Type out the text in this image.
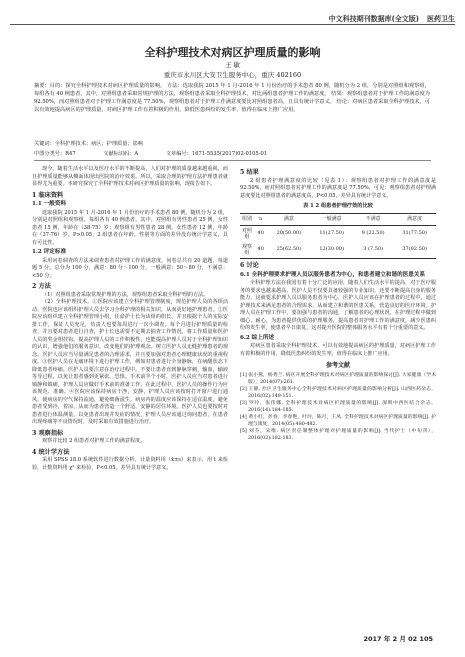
中文科技期刊数据库(全文版) 医药卫生
全科护理技术对病区护理质量的影响
王 敏
重庆市永川区大安卫生服务中心，重庆 402160
摘要：目的：探究全科护理技术对病区护理质量的影响。 方法：选取我院 2015 年 1 月-2016 年 1 月份治疗的手术患者 80 例，随机分为 2 组，分别是对照组和观察组，每组各有 40 例患者，其中，对照组患者采取常规护理的方法，观察组患者采取全科护理技术，对比两组患者护理工作的满意度。 结果：观察组患者对于护理工作的满意度为 92.50%，而对照组患者对于护理工作满意度是 77.50%，观察组患者对于护理工作满意度要比对照组患者高，且具有统计学意义。 结论：对病区患者采取全科护理技术，可以有效地提高病区的护理质量，对病区护理工作有着积极的作用，降低医患纠纷的发生率，值得在临床上推广应用。
关键词：全科护理技术；病区；护理质量；影响
中图分类号：R47	文献标识码：A	文章编号：1671-5535(2017)02-0105-01

现今，随着生活水平以及医疗水平的不断提高，人们对护理的质量越来越重视，而且护理质量能够从侧面体现出医院的治疗效果。所以，采取合理的护理方法护理患者就显得尤为重要。本研究探究了全科护理技术对病区护理质量的影响，现报告如下。

1 临床资料
1.1 一般资料

选取我院 2015 年 1 月-2016 年 1 月份治疗的手术患者 80 例，随机分为 2 组，分别是对照组和观察组，每组各有 40 例患者。其中，对照组有男性患者 25 例，女性患者 15 例，年龄在（38-75）岁；观察组有男性患者 28 例，女性患者 12 例，年龄在（37-76）岁。P>0.05，2 组患者在年龄、性别等方面的差异没有统计学意义，具有可比性。

1.2 评定标准

采用问卷调查的方法来调查患者对护理工作的满意度，问卷总共有 20 道题，每道题 5 分，总分为 100 分，满意：80 分～100 分，一般满意：50～80 分，不满意：<50 分。

2 方法

（1）对照组患者采取常规护理的方法，观察组患者采取全科护理的方法。

（2）全科护理技术。①医院应该建立全科护理管理制度，规范护理人员的各项活动，医院也应该组织护理人员去学习全科护理的相关知识，从而更好地护理患者。②医院应该组织建立全科护理管理小组，任命护士长为该组的组长，并且根据个人的实际安排工作，保证人员充足，负责人也要每周进行一次小调查，每个月进行护理质量的检查，并且要对患者进行自查，护士长也需要不定期去抽查工作情况，将工作质量和医护人员的奖金相挂钩。提高护理人员的工作积极性，也能提高护理人员对于全科护理知识的认识，增强他们的服务意识，改变他们的护理观念。树立医护人员无缝护理患者的观念。医护人员应当尽量满足患者的合理需求，并且要加强对患者心理健康状况的重视程度。③医护人员在无痛环境下进行护理工作，例如对患者进行全身静脉，在病醒状态下降低患者疼痛，医护人员要注意在治疗过程中，不要让患者直到静脉穿刺，输血，输液等导过程，以免让患者感到更紧张、恐惧。手术前半个小时，医护人员应当对患者进行镇静和镇痛，护理人员应做好手术前的准备工作，在此过程中，医护人员的操作行为应该规范、准确。④医院应该保持病房干净，安静，护理人员应该按时打开窗户进行通风，使病房的空气保持流通，避免细菌滋生。病房内的温度应该保持在适宜温度，避免患者受到冷，着凉，从而为患者营造一个舒适、安静的居住环境。医护人员也要按时对患者进行体温测量，以免患者出现并发症的情况，护理人员应该通过询问患者，在患者出现疼痛等不良情况时，及时采取有效措施进行治疗。

3 观察指标

观察并比较 2 组患者对护理工作的满意程度。

4 统计学方法

采用 SPSS 18.0 系统软件进行数据分析，计量资料用（x̄±s）来表示，用 t 来检验，计数资料用 χ² 来检验，P<0.05，差异具有统计学意义。

5 结果

2 组患者护理满意度的比较（见表 1）：观察组患者对护理工作的满意度是 92.50%，而对照组患者对护理工作的满意度是 77.50%，可见：观察组患者对护理满意度要比对照组患者的满意度高，P<0.05，差异具有统计学意义。

表 1 2 组患者护理疗效的比较
组别	n	满意	一般满意	不满意	满意度
对照组	40	20(50.00)	11(27.50)	9 (22.50)	31(77.50)
观察组	40	25(62.50)	12(30.00)	3 (7.50)	37(92.50)
6 讨论
6.1 全科护理要求护理人员以服务患者为中心，和患者建立和谐的医患关系

全科护理方法在我国有着十分广泛的应用，随着人们生活水平的提高，对于医疗服务的要求也越来越高，医护人员不仅要具备较强的专业知识，还要不断提高自身的服务能力，这就要求护理人员以服务患者为中心，医护人员应该在护理患者的过程中，通过护理技术来满足患者的合理需求，从而建立和谐的医患关系，营造良好的医疗环境。护理人员在护理工作中，要加强与患者的沟通，了解患者的心理状况，在护理过程中做到细心、耐心，为患者提供优质的护理服务，提高患者对护理工作的满意度，减少医患纠纷的发生率，使患者早日康复，这对提升医院的整体服务水平有着十分重要的意义。

6.2 综上所述

对病区患者采取全科护理技术，可以有效地提高病区的护理质量，对病区护理工作有着积极的作用，降低医患纠纷的发生率，值得在临床上推广应用。

参考文献
[1] 张小燕，杨秀兰. 病区开展全科护理技术对病区护理质量的影响探讨[J]. 大家健康（学术版），2014(07):261.
[2] 王静. 社区卫生服务中心全科护理技术对病区护理质量的影响分析[J]. 山西医药杂志，2016(02):149-151.
[3] 罗玲，张伟娜. 全科护理技术对病区护理质量的影响[J]. 深圳中西医结合杂志，2016(14):184-185.
[4] 黄小红，彭春，李春艳，叶玲，陈月，王凤. 全科护理技术对病区护理质量的影响[J]. 护理与康复，2014(05):480-482.
[5] 刘芬，宋维. 病区责任制整体护理对护理质量的影响[J]. 当代护士（中旬刊），2016(02):182-183.
2017 年 2 月 02 105
